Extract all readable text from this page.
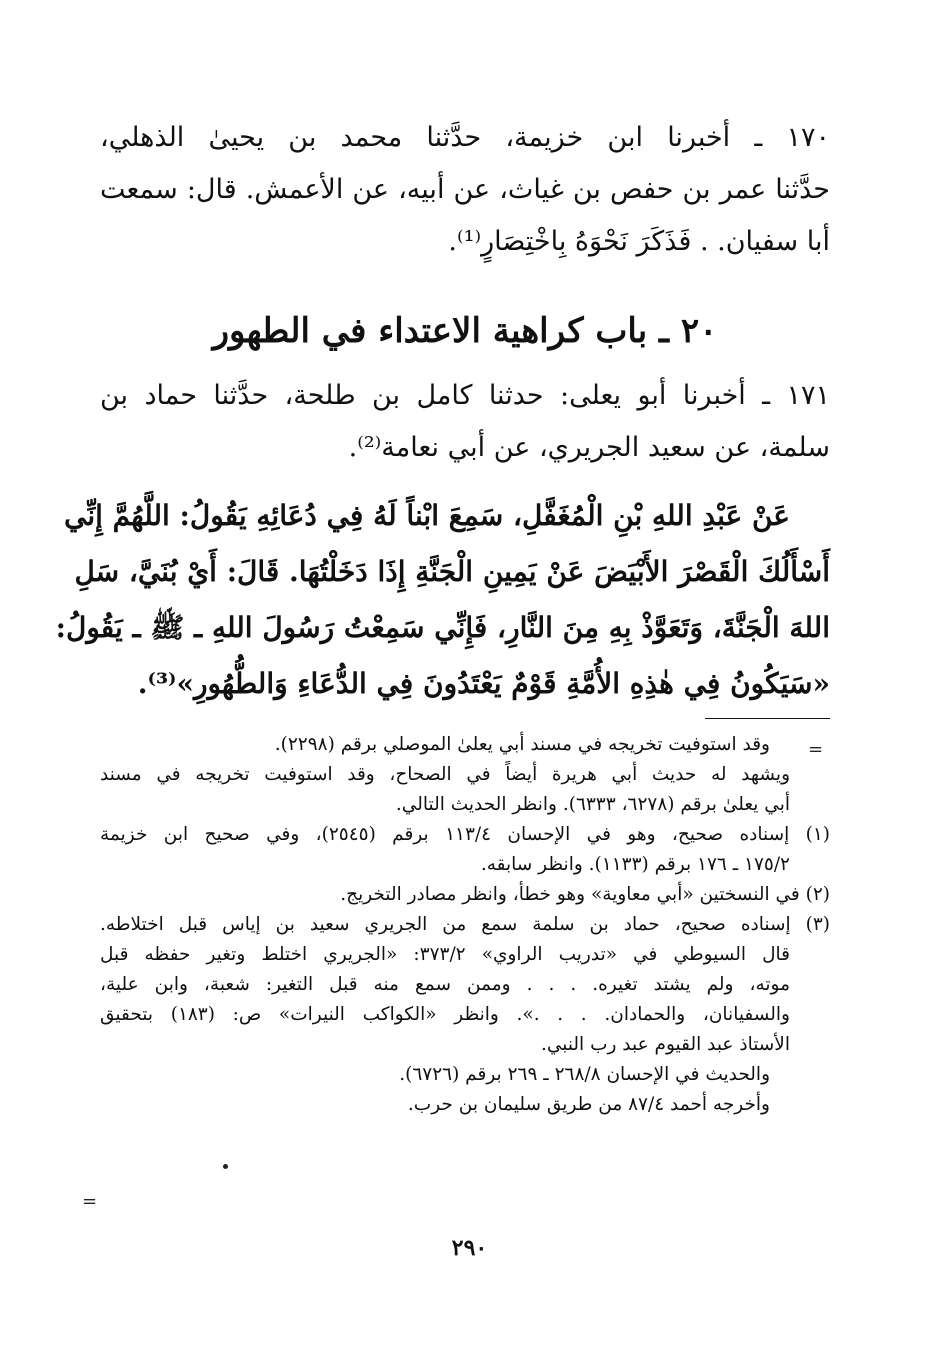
١٧٠ ـ أخبرنا ابن خزيمة، حدَّثنا محمد بن يحيىٰ الذهلي،
حدَّثنا عمر بن حفص بن غياث، عن أبيه، عن الأعمش. قال: سمعت
أبا سفيان. . فَذَكَرَ نَحْوَهُ بِاخْتِصَارٍ⁽¹⁾.
٢٠ ـ باب كراهية الاعتداء في الطهور
١٧١ ـ أخبرنا أبو يعلى: حدثنا كامل بن طلحة، حدَّثنا حماد بن
سلمة، عن سعيد الجريري، عن أبي نعامة⁽²⁾.
عَنْ عَبْدِ اللهِ بْنِ الْمُغَفَّلِ، سَمِعَ ابْناً لَهُ فِي دُعَائِهِ يَقُولُ: اللَّهُمَّ إِنِّي
أَسْأَلُكَ الْقَصْرَ الأَبْيَضَ عَنْ يَمِينِ الْجَنَّةِ إِذَا دَخَلْتُهَا. قَالَ: أَيْ بُنَيَّ، سَلِ
اللهَ الْجَنَّةَ، وَتَعَوَّذْ بِهِ مِنَ النَّارِ، فَإِنِّي سَمِعْتُ رَسُولَ اللهِ ـ ﷺ ـ يَقُولُ:
«سَيَكُونُ فِي هٰذِهِ الأُمَّةِ قَوْمٌ يَعْتَدُونَ فِي الدُّعَاءِ وَالطُّهُورِ»⁽³⁾.
=
وقد استوفيت تخريجه في مسند أبي يعلىٰ الموصلي برقم (٢٢٩٨).
ويشهد له حديث أبي هريرة أيضاً في الصحاح، وقد استوفيت تخريجه في مسند
أبي يعلىٰ برقم (٦٢٧٨، ٦٣٣٣). وانظر الحديث التالي.
(١) إسناده صحيح، وهو في الإحسان ١١٣/٤ برقم (٢٥٤٥)، وفي صحيح ابن خزيمة
١٧٥/٢ ـ ١٧٦ برقم (١١٣٣). وانظر سابقه.
(٢) في النسختين «أبي معاوية» وهو خطأ، وانظر مصادر التخريج.
(٣) إسناده صحيح، حماد بن سلمة سمع من الجريري سعيد بن إياس قبل اختلاطه.
قال السيوطي في «تدريب الراوي» ٣٧٣/٢: «الجريري اختلط وتغير حفظه قبل
موته، ولم يشتد تغيره. . . . وممن سمع منه قبل التغير: شعبة، وابن علية،
والسفيانان، والحمادان. . . .». وانظر «الكواكب النيرات» ص: (١٨٣) بتحقيق
الأستاذ عبد القيوم عبد رب النبي.
والحديث في الإحسان ٢٦٨/٨ ـ ٢٦٩ برقم (٦٧٢٦).
وأخرجه أحمد ٨٧/٤ من طريق سليمان بن حرب.
=
٢٩٠
